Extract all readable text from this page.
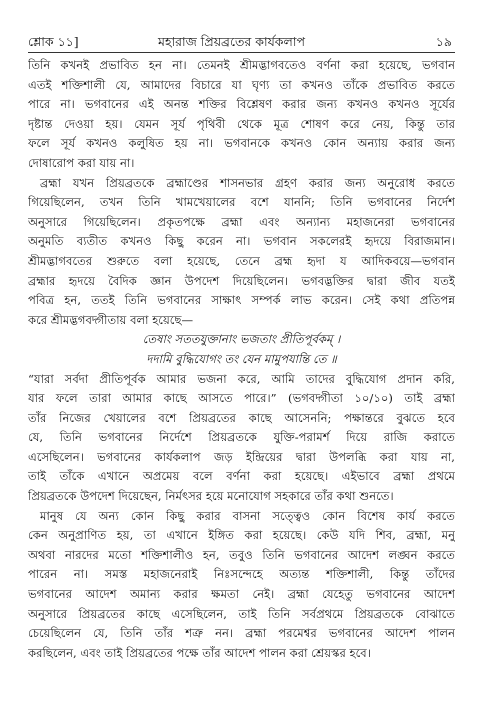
শ্লোক ১১]	মহারাজ প্রিয়ব্রতের কার্যকলাপ	১৯
তিনি কখনই প্রভাবিত হন না। তেমনই শ্রীমদ্ভাগবতেও বর্ণনা করা হয়েছে, ভগবান
এতই শক্তিশালী যে, আমাদের বিচারে যা ঘৃণ্য তা কখনও তাঁকে প্রভাবিত করতে
পারে না। ভগবানের এই অনন্ত শক্তির বিশ্লেষণ করার জন্য কখনও কখনও সূর্যের
দৃষ্টান্ত দেওয়া হয়। যেমন সূর্য পৃথিবী থেকে মূত্র শোষণ করে নেয়, কিন্তু তার
ফলে সূর্য কখনও কলুষিত হয় না। ভগবানকে কখনও কোন অন্যায় করার জন্য
দোষারোপ করা যায় না।
ব্রহ্মা যখন প্রিয়ব্রতকে ব্রহ্মাণ্ডের শাসনভার গ্রহণ করার জন্য অনুরোধ করতে
গিয়েছিলেন, তখন তিনি খামখেয়ালের বশে যাননি; তিনি ভগবানের নির্দেশ
অনুসারে গিয়েছিলেন। প্রকৃতপক্ষে ব্রহ্মা এবং অন্যান্য মহাজনেরা ভগবানের
অনুমতি ব্যতীত কখনও কিছু করেন না। ভগবান সকলেরই হৃদয়ে বিরাজমান।
শ্রীমদ্ভাগবতের শুরুতে বলা হয়েছে, তেনে ব্রহ্ম হৃদা য আদিকবয়ে—ভগবান
ব্রহ্মার হৃদয়ে বৈদিক জ্ঞান উপদেশ দিয়েছিলেন। ভগবদ্ভক্তির দ্বারা জীব যতই
পবিত্র হন, ততই তিনি ভগবানের সাক্ষাৎ সম্পর্ক লাভ করেন। সেই কথা প্রতিপন্ন
করে শ্রীমদ্ভগবদ্গীতায় বলা হয়েছে—
তেষাং সততযুক্তানাং ভজতাং প্রীতিপূর্বকম্ ।
দদামি বুদ্ধিযোগং তং যেন মামুপযান্তি তে ॥
“যারা সর্বদা প্রীতিপূর্বক আমার ভজনা করে, আমি তাদের বুদ্ধিযোগ প্রদান করি,
যার ফলে তারা আমার কাছে আসতে পারে।” (ভগবদ্গীতা ১০/১০) তাই ব্রহ্মা
তাঁর নিজের খেয়ালের বশে প্রিয়ব্রতের কাছে আসেননি; পক্ষান্তরে বুঝতে হবে
যে, তিনি ভগবানের নির্দেশে প্রিয়ব্রতকে যুক্তি-পরামর্শ দিয়ে রাজি করাতে
এসেছিলেন। ভগবানের কার্যকলাপ জড় ইন্দ্রিয়ের দ্বারা উপলব্ধি করা যায় না,
তাই তাঁকে এখানে অপ্রমেয় বলে বর্ণনা করা হয়েছে। এইভাবে ব্রহ্মা প্রথমে
প্রিয়ব্রতকে উপদেশ দিয়েছেন, নির্মৎসর হয়ে মনোযোগ সহকারে তাঁর কথা শুনতে।
মানুষ যে অন্য কোন কিছু করার বাসনা সত্ত্বেও কোন বিশেষ কার্য করতে
কেন অনুপ্রাণিত হয়, তা এখানে ইঙ্গিত করা হয়েছে। কেউ যদি শিব, ব্রহ্মা, মনু
অথবা নারদের মতো শক্তিশালীও হন, তবুও তিনি ভগবানের আদেশ লঙ্ঘন করতে
পারেন না। সমস্ত মহাজনেরাই নিঃসন্দেহে অত্যন্ত শক্তিশালী, কিন্তু তাঁদের
ভগবানের আদেশ অমান্য করার ক্ষমতা নেই। ব্রহ্মা যেহেতু ভগবানের আদেশ
অনুসারে প্রিয়ব্রতের কাছে এসেছিলেন, তাই তিনি সর্বপ্রথমে প্রিয়ব্রতকে বোঝাতে
চেয়েছিলেন যে, তিনি তাঁর শত্রু নন। ব্রহ্মা পরমেশ্বর ভগবানের আদেশ পালন
করছিলেন, এবং তাই প্রিয়ব্রতের পক্ষে তাঁর আদেশ পালন করা শ্রেয়স্কর হবে।
